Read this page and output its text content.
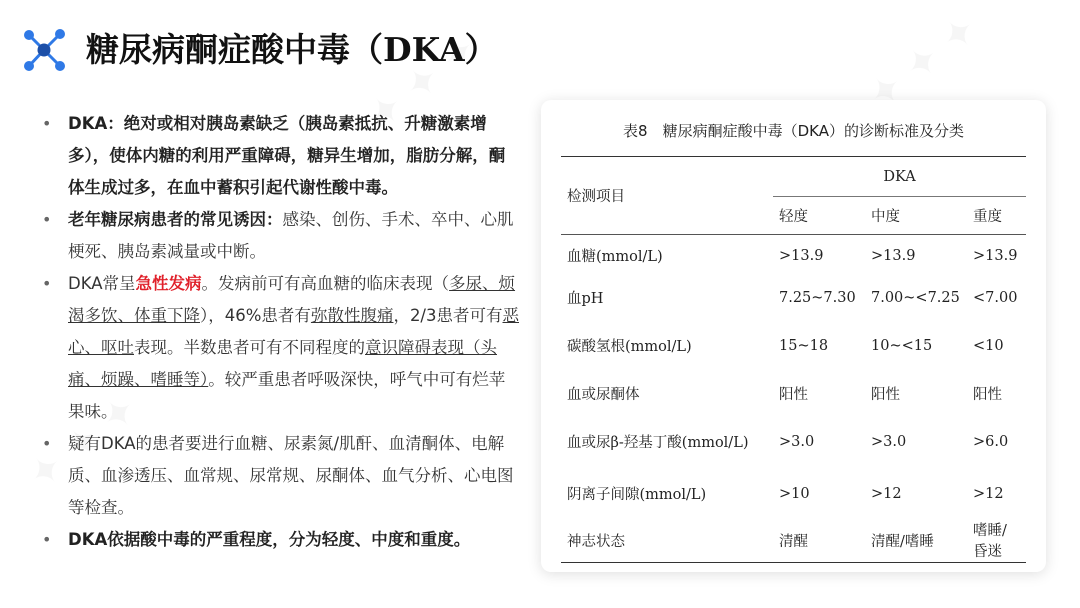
糖尿病酮症酸中毒（DKA）
• DKA：绝对或相对胰岛素缺乏（胰岛素抵抗、升糖激素增多），使体内糖的利用严重障碍，糖异生增加，脂肪分解，酮体生成过多，在血中蓄积引起代谢性酸中毒。
• 老年糖尿病患者的常见诱因：感染、创伤、手术、卒中、心肌梗死、胰岛素减量或中断。
• DKA常呈急性发病。发病前可有高血糖的临床表现（多尿、烦渴多饮、体重下降），46%患者有弥散性腹痛，2/3患者可有恶心、呕吐表现。半数患者可有不同程度的意识障碍表现（头痛、烦躁、嗜睡等）。较严重患者呼吸深快，呼气中可有烂苹果味。
• 疑有DKA的患者要进行血糖、尿素氮/肌酐、血清酮体、电解质、血渗透压、血常规、尿常规、尿酮体、血气分析、心电图等检查。
• DKA依据酸中毒的严重程度，分为轻度、中度和重度。
表8　糖尿病酮症酸中毒（DKA）的诊断标准及分类
检测项目	DKA		
	轻度	中度	重度
血糖(mmol/L)	>13.9	>13.9	>13.9
血pH	7.25~7.30	7.00~<7.25	<7.00
碳酸氢根(mmol/L)	15~18	10~<15	<10
血或尿酮体	阳性	阳性	阳性
血或尿β-羟基丁酸(mmol/L)	>3.0	>3.0	>6.0
阴离子间隙(mmol/L)	>10	>12	>12
神志状态	清醒	清醒/嗜睡	嗜睡/昏迷
